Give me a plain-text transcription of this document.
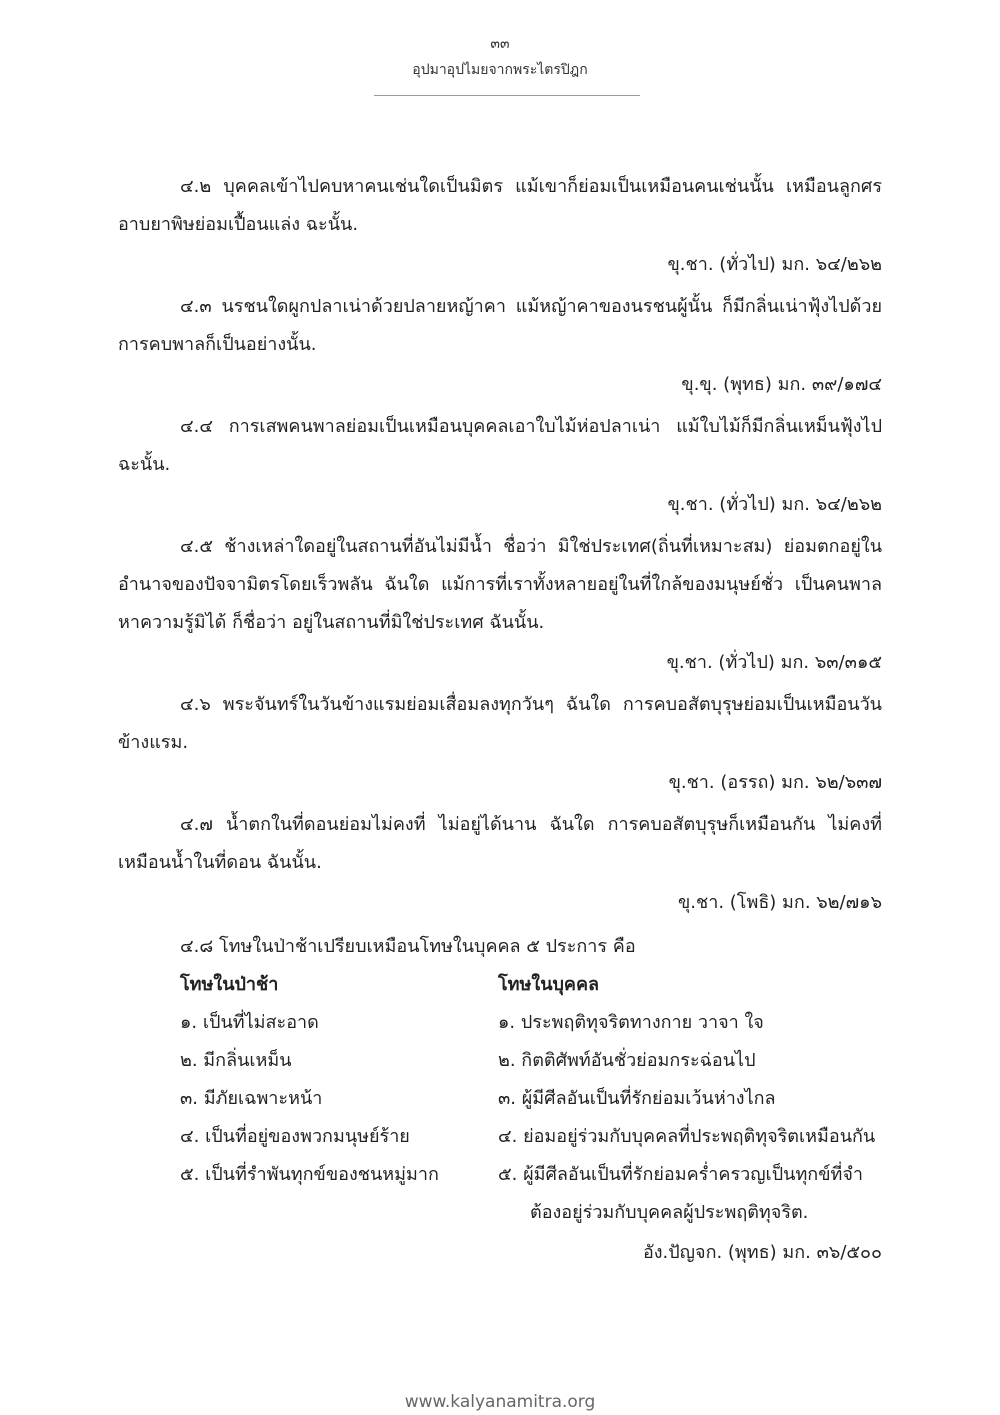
๓๓
อุปมาอุปไมยจากพระไตรปิฎก

๔.๒ บุคคลเข้าไปคบหาคนเช่นใดเป็นมิตร แม้เขาก็ย่อมเป็นเหมือนคนเช่นนั้น เหมือนลูกศรอาบยาพิษย่อมเปื้อนแล่ง ฉะนั้น.

ขุ.ชา. (ทั่วไป) มก. ๖๔/๒๖๒

๔.๓ นรชนใดผูกปลาเน่าด้วยปลายหญ้าคา แม้หญ้าคาของนรชนผู้นั้น ก็มีกลิ่นเน่าฟุ้งไปด้วย การคบพาลก็เป็นอย่างนั้น.

ขุ.ขุ. (พุทธ) มก. ๓๙/๑๗๔

๔.๔ การเสพคนพาลย่อมเป็นเหมือนบุคคลเอาใบไม้ห่อปลาเน่า แม้ใบไม้ก็มีกลิ่นเหม็นฟุ้งไปฉะนั้น.

ขุ.ชา. (ทั่วไป) มก. ๖๔/๒๖๒

๔.๕ ช้างเหล่าใดอยู่ในสถานที่อันไม่มีน้ำ ชื่อว่า มิใช่ประเทศ(ถิ่นที่เหมาะสม) ย่อมตกอยู่ในอำนาจของปัจจามิตรโดยเร็วพลัน ฉันใด แม้การที่เราทั้งหลายอยู่ในที่ใกล้ของมนุษย์ชั่ว เป็นคนพาลหาความรู้มิได้ ก็ชื่อว่า อยู่ในสถานที่มิใช่ประเทศ ฉันนั้น.

ขุ.ชา. (ทั่วไป) มก. ๖๓/๓๑๕

๔.๖ พระจันทร์ในวันข้างแรมย่อมเสื่อมลงทุกวันๆ ฉันใด การคบอสัตบุรุษย่อมเป็นเหมือนวันข้างแรม.

ขุ.ชา. (อรรถ) มก. ๖๒/๖๓๗

๔.๗ น้ำตกในที่ดอนย่อมไม่คงที่ ไม่อยู่ได้นาน ฉันใด การคบอสัตบุรุษก็เหมือนกัน ไม่คงที่เหมือนน้ำในที่ดอน ฉันนั้น.

ขุ.ชา. (โพธิ) มก. ๖๒/๗๑๖

๔.๘ โทษในป่าช้าเปรียบเหมือนโทษในบุคคล ๕ ประการ คือ

โทษในป่าช้า	โทษในบุคคล
๑. เป็นที่ไม่สะอาด	๑. ประพฤติทุจริตทางกาย วาจา ใจ
๒. มีกลิ่นเหม็น	๒. กิตติศัพท์อันชั่วย่อมกระฉ่อนไป
๓. มีภัยเฉพาะหน้า	๓. ผู้มีศีลอันเป็นที่รักย่อมเว้นห่างไกล
๔. เป็นที่อยู่ของพวกมนุษย์ร้าย	๔. ย่อมอยู่ร่วมกับบุคคลที่ประพฤติทุจริตเหมือนกัน
๕. เป็นที่รำพันทุกข์ของชนหมู่มาก	๕. ผู้มีศีลอันเป็นที่รักย่อมคร่ำครวญเป็นทุกข์ที่จำ
ต้องอยู่ร่วมกับบุคคลผู้ประพฤติทุจริต.
อัง.ปัญจก. (พุทธ) มก. ๓๖/๕๐๐
www.kalyanamitra.org
